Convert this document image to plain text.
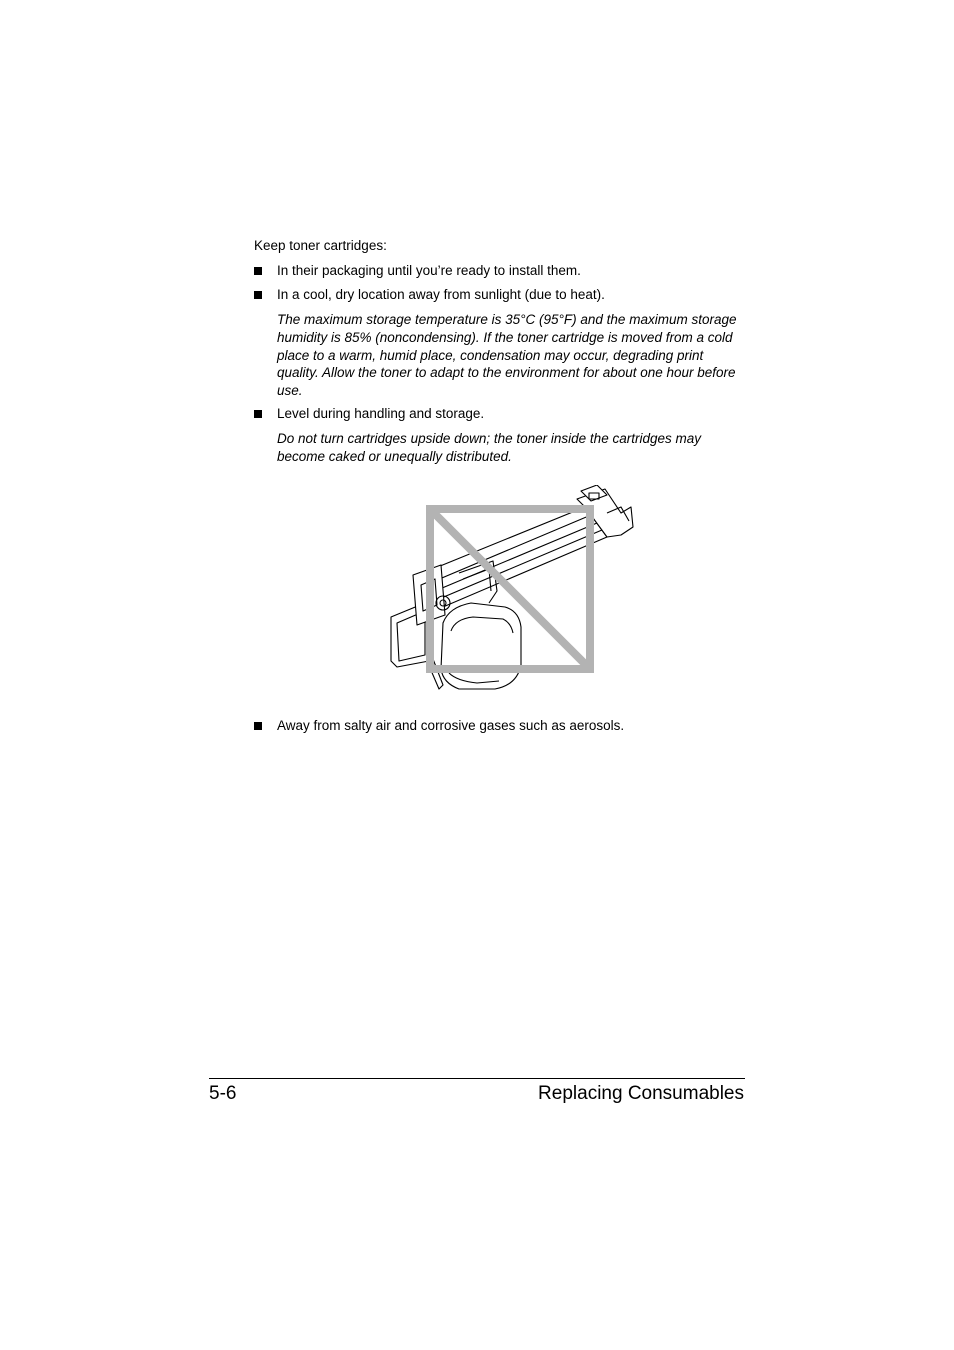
Keep toner cartridges:
In their packaging until you’re ready to install them.
In a cool, dry location away from sunlight (due to heat).
The maximum storage temperature is 35°C (95°F) and the maximum storage humidity is 85% (noncondensing). If the toner cartridge is moved from a cold place to a warm, humid place, condensation may occur, degrading print quality. Allow the toner to adapt to the environment for about one hour before use.
Level during handling and storage.
Do not turn cartridges upside down; the toner inside the cartridges may become caked or unequally distributed.
Away from salty air and corrosive gases such as aerosols.
5-6	Replacing Consumables
